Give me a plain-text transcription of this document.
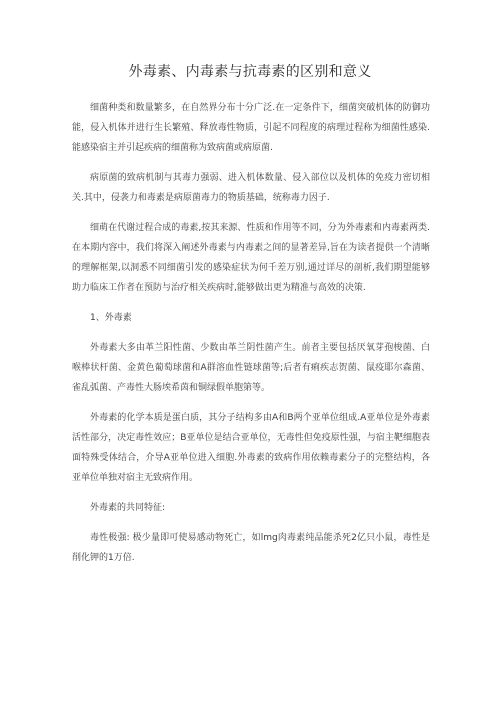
外毒素、内毒素与抗毒素的区别和意义

细菌种类和数量繁多，在自然界分布十分广泛.在一定条件下，细菌突破机体的防御功能，侵入机体并进行生长繁殖、释放毒性物质，引起不同程度的病理过程称为细菌性感染.能感染宿主并引起疾病的细菌称为致病菌或病原菌.

病原菌的致病机制与其毒力强弱、进入机体数量、侵入部位以及机体的免疫力密切相关.其中，侵袭力和毒素是病原菌毒力的物质基础，统称毒力因子.

细萌在代谢过程合成的毒素,按其来源、性质和作用等不同，分为外毒素和内毒素两类.在本期内容中，我们将深入阐述外毒素与内毒素之间的显著差异,旨在为读者提供一个清晰的理解框架,以洞悉不同细菌引发的感染症状为何千差万别,通过详尽的剖析,我们期望能够助力临床工作者在预防与治疗相关疾病时,能够做出更为精准与高效的决策.

1、外毒素

外毒素大多由革兰阳性菌、少数由革兰阴性菌产生。前者主要包括厌氧芽孢梭菌、白喉棒状杆菌、金黄色葡萄球菌和A群溶血性链球菌等;后者有痢疾志贺菌、鼠疫耶尔森菌、雀乱弧菌、产毒性大肠埃希茵和铜绿假单胞第等。

外毒素的化学本质是蛋白质，其分子结构多由A和B两个亚单位组成.A亚单位是外毒素活性部分，决定毒性效应；B亚单位是结合亚单位，无毒性但免疫原性强，与宿主靶细胞表面特殊受体结合，介导A亚单位进入细胞.外毒素的致病作用依赖毒素分子的完整结构，各亚单位单独对宿主无致病作用。

外毒素的共同特征:

毒性极强: 极少量即可使易感动物死亡，如lmg肉毒素纯品能杀死2亿只小鼠，毒性是削化钾的1万倍.
